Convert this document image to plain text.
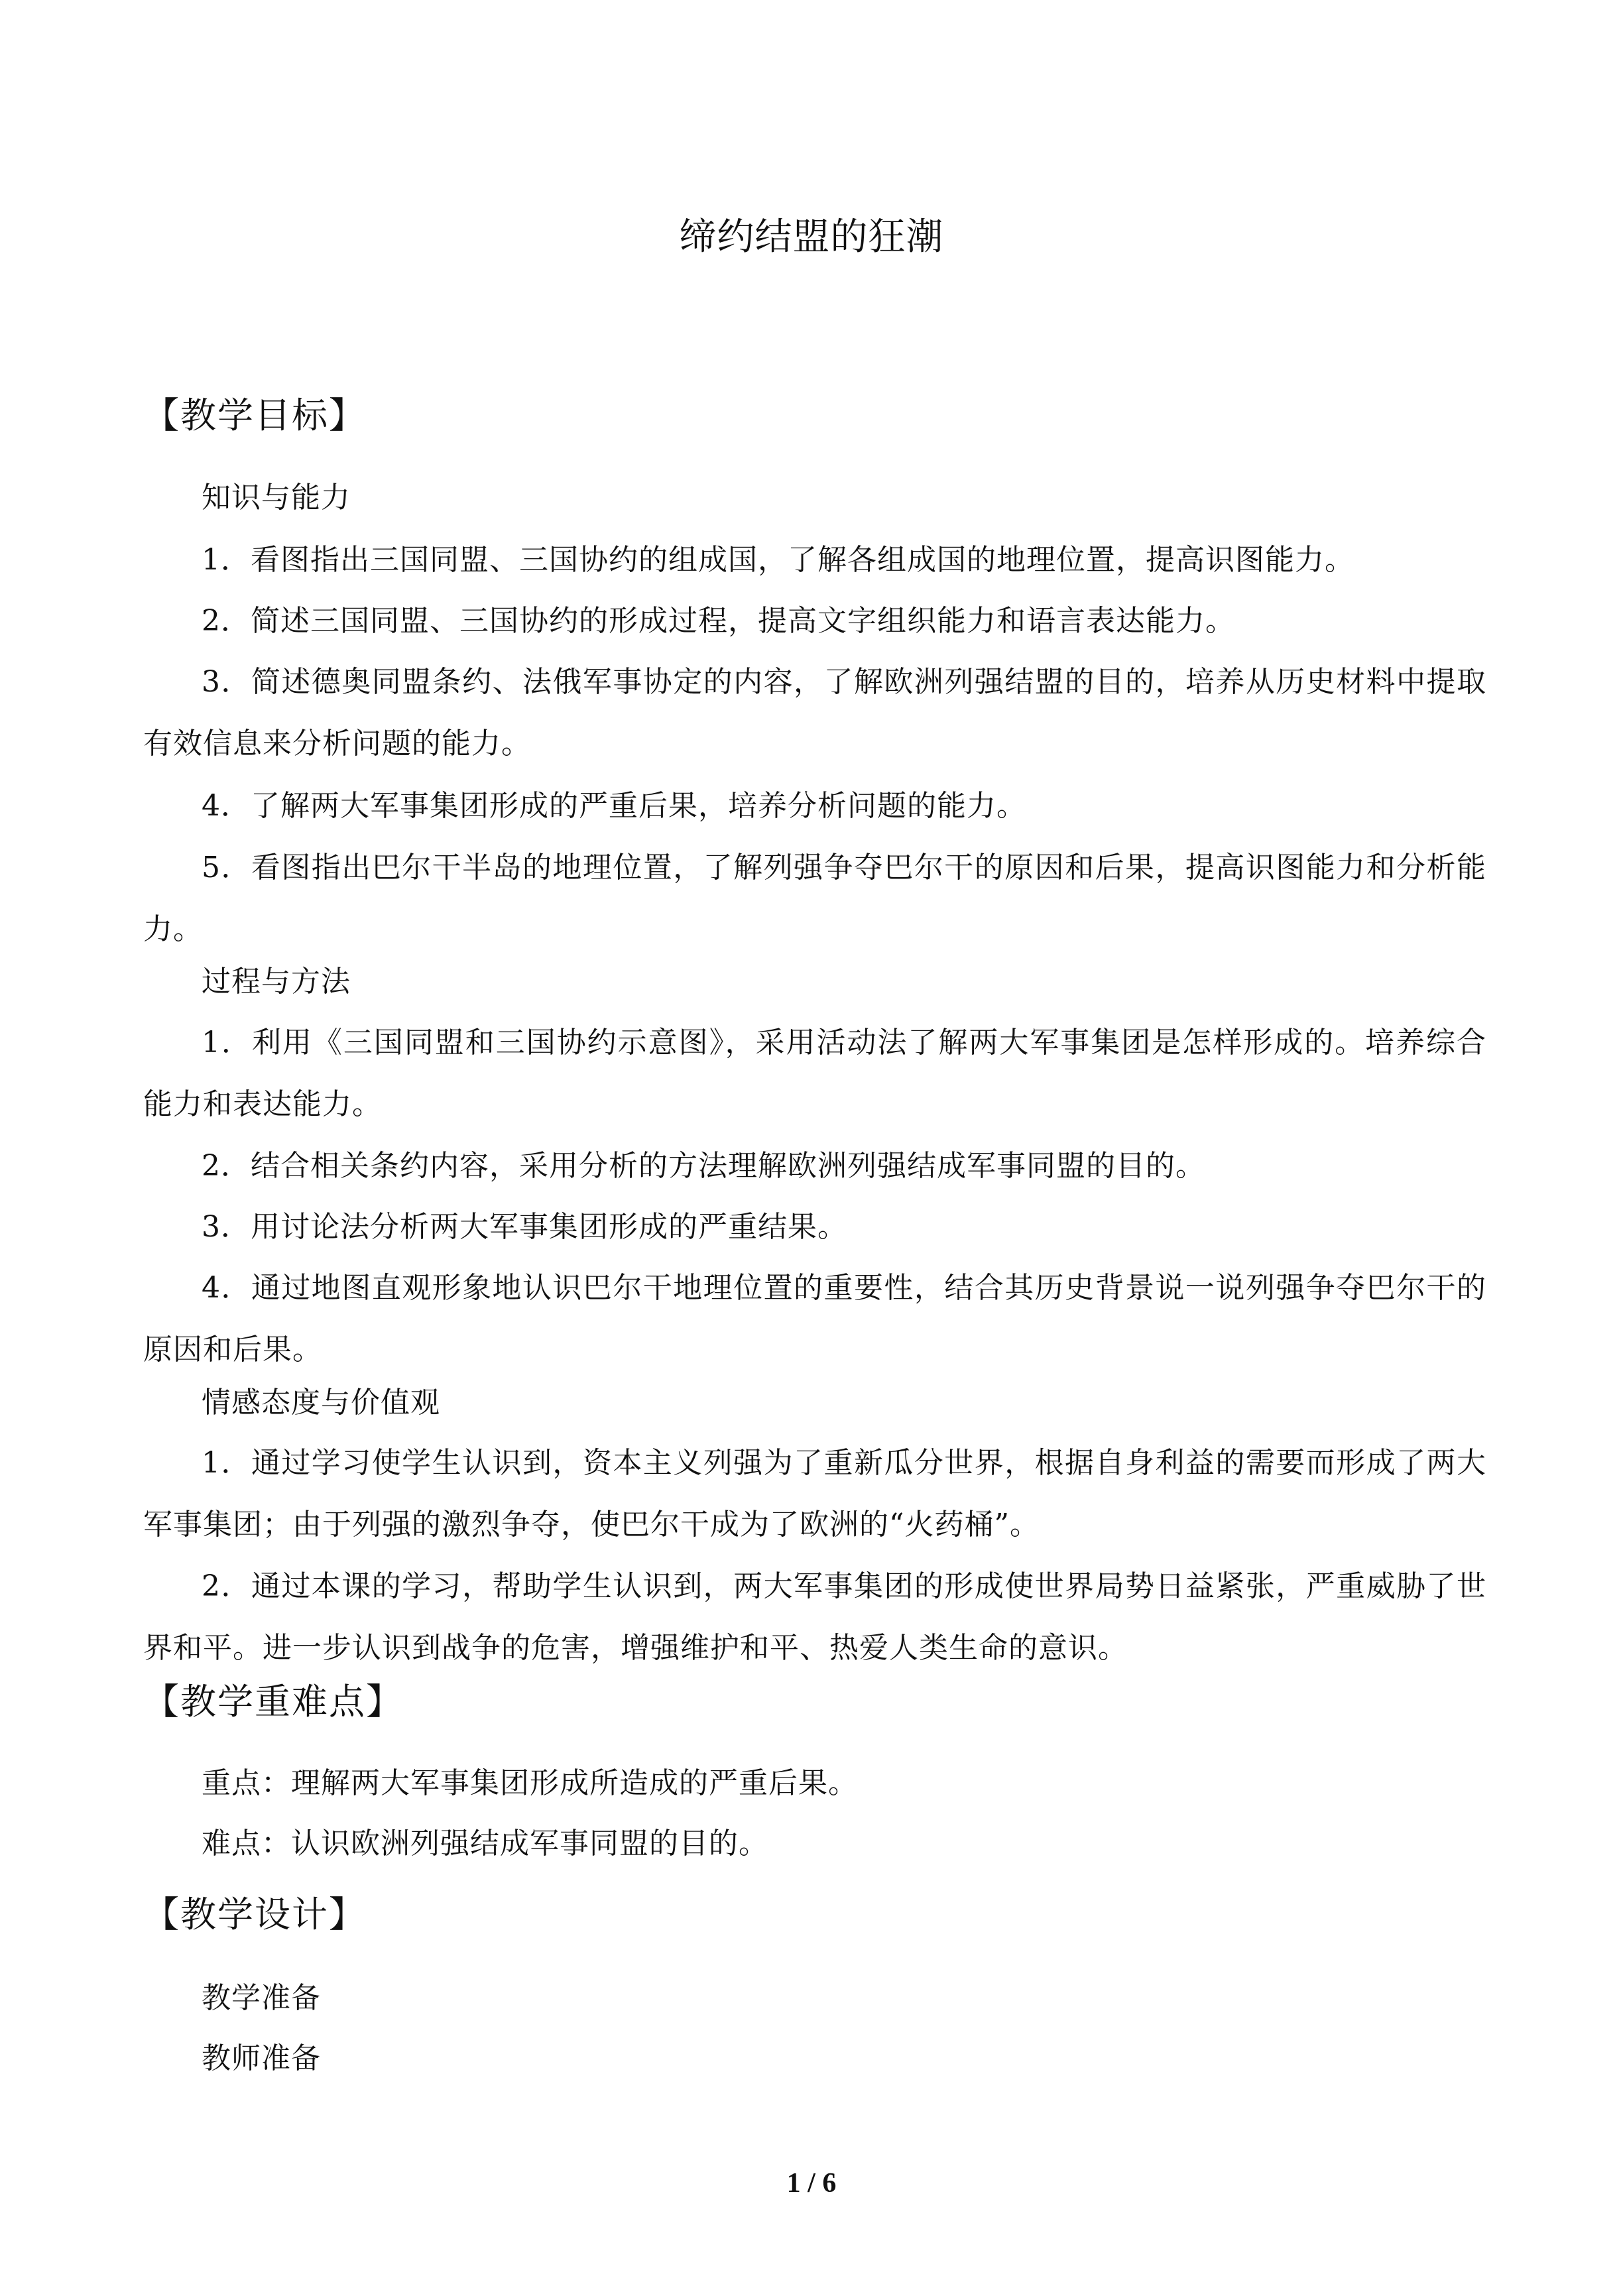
缔约结盟的狂潮
【教学目标】
知识与能力
1．看图指出三国同盟、三国协约的组成国，了解各组成国的地理位置，提高识图能力。
2．简述三国同盟、三国协约的形成过程，提高文字组织能力和语言表达能力。
3．简述德奥同盟条约、法俄军事协定的内容，了解欧洲列强结盟的目的，培养从历史材料中提取有效信息来分析问题的能力。
4．了解两大军事集团形成的严重后果，培养分析问题的能力。
5．看图指出巴尔干半岛的地理位置，了解列强争夺巴尔干的原因和后果，提高识图能力和分析能力。
过程与方法
1．利用《三国同盟和三国协约示意图》，采用活动法了解两大军事集团是怎样形成的。培养综合能力和表达能力。
2．结合相关条约内容，采用分析的方法理解欧洲列强结成军事同盟的目的。
3．用讨论法分析两大军事集团形成的严重结果。
4．通过地图直观形象地认识巴尔干地理位置的重要性，结合其历史背景说一说列强争夺巴尔干的原因和后果。
情感态度与价值观
1．通过学习使学生认识到，资本主义列强为了重新瓜分世界，根据自身利益的需要而形成了两大军事集团；由于列强的激烈争夺，使巴尔干成为了欧洲的“火药桶”。
2．通过本课的学习，帮助学生认识到，两大军事集团的形成使世界局势日益紧张，严重威胁了世界和平。进一步认识到战争的危害，增强维护和平、热爱人类生命的意识。
【教学重难点】
重点：理解两大军事集团形成所造成的严重后果。
难点：认识欧洲列强结成军事同盟的目的。
【教学设计】
教学准备
教师准备
1 / 6
